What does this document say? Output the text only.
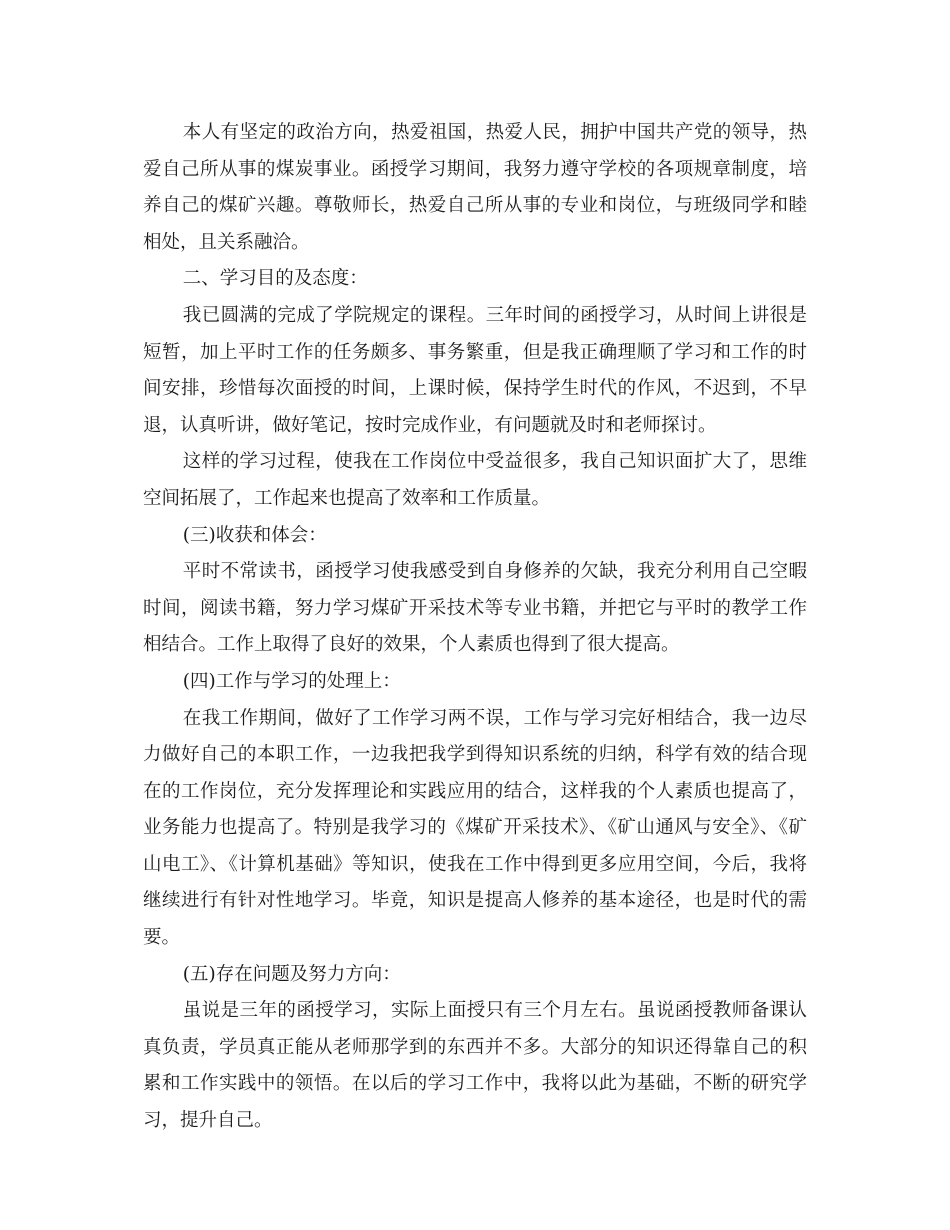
本人有坚定的政治方向，热爱祖国，热爱人民，拥护中国共产党的领导，热爱自己所从事的煤炭事业。函授学习期间，我努力遵守学校的各项规章制度，培养自己的煤矿兴趣。尊敬师长，热爱自己所从事的专业和岗位，与班级同学和睦相处，且关系融洽。

二、学习目的及态度：

我已圆满的完成了学院规定的课程。三年时间的函授学习，从时间上讲很是短暂，加上平时工作的任务颇多、事务繁重，但是我正确理顺了学习和工作的时间安排，珍惜每次面授的时间，上课时候，保持学生时代的作风，不迟到，不早退，认真听讲，做好笔记，按时完成作业，有问题就及时和老师探讨。

这样的学习过程，使我在工作岗位中受益很多，我自己知识面扩大了，思维空间拓展了，工作起来也提高了效率和工作质量。

(三)收获和体会：

平时不常读书，函授学习使我感受到自身修养的欠缺，我充分利用自己空暇时间，阅读书籍，努力学习煤矿开采技术等专业书籍，并把它与平时的教学工作相结合。工作上取得了良好的效果，个人素质也得到了很大提高。

(四)工作与学习的处理上：

在我工作期间，做好了工作学习两不误，工作与学习完好相结合，我一边尽力做好自己的本职工作，一边我把我学到得知识系统的归纳，科学有效的结合现在的工作岗位，充分发挥理论和实践应用的结合，这样我的个人素质也提高了，业务能力也提高了。特别是我学习的《煤矿开采技术》、《矿山通风与安全》、《矿山电工》、《计算机基础》等知识，使我在工作中得到更多应用空间，今后，我将继续进行有针对性地学习。毕竟，知识是提高人修养的基本途径，也是时代的需要。

(五)存在问题及努力方向：

虽说是三年的函授学习，实际上面授只有三个月左右。虽说函授教师备课认真负责，学员真正能从老师那学到的东西并不多。大部分的知识还得靠自己的积累和工作实践中的领悟。在以后的学习工作中，我将以此为基础，不断的研究学习，提升自己。
